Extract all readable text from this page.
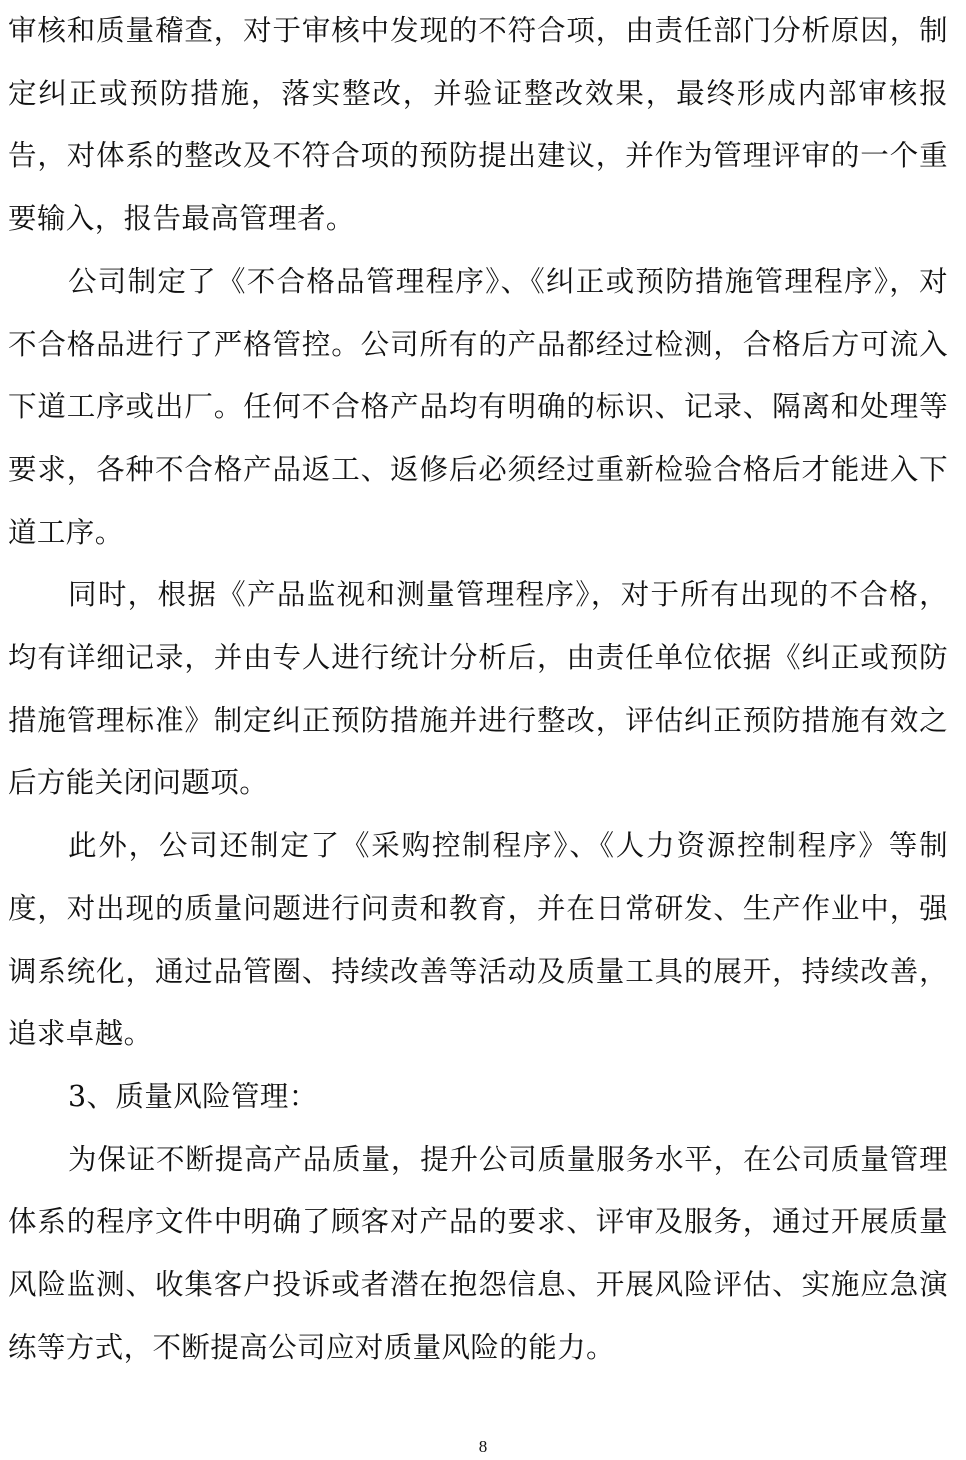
审核和质量稽查，对于审核中发现的不符合项，由责任部门分析原因，制定纠正或预防措施，落实整改，并验证整改效果，最终形成内部审核报告，对体系的整改及不符合项的预防提出建议，并作为管理评审的一个重要输入，报告最高管理者。

公司制定了《不合格品管理程序》、《纠正或预防措施管理程序》，对不合格品进行了严格管控。公司所有的产品都经过检测，合格后方可流入下道工序或出厂。任何不合格产品均有明确的标识、记录、隔离和处理等要求，各种不合格产品返工、返修后必须经过重新检验合格后才能进入下道工序。

同时，根据《产品监视和测量管理程序》，对于所有出现的不合格，均有详细记录，并由专人进行统计分析后，由责任单位依据《纠正或预防措施管理标准》制定纠正预防措施并进行整改，评估纠正预防措施有效之后方能关闭问题项。

此外，公司还制定了《采购控制程序》、《人力资源控制程序》等制度，对出现的质量问题进行问责和教育，并在日常研发、生产作业中，强调系统化，通过品管圈、持续改善等活动及质量工具的展开，持续改善，追求卓越。

3、质量风险管理：

为保证不断提高产品质量，提升公司质量服务水平，在公司质量管理体系的程序文件中明确了顾客对产品的要求、评审及服务，通过开展质量风险监测、收集客户投诉或者潜在抱怨信息、开展风险评估、实施应急演练等方式，不断提高公司应对质量风险的能力。

8
